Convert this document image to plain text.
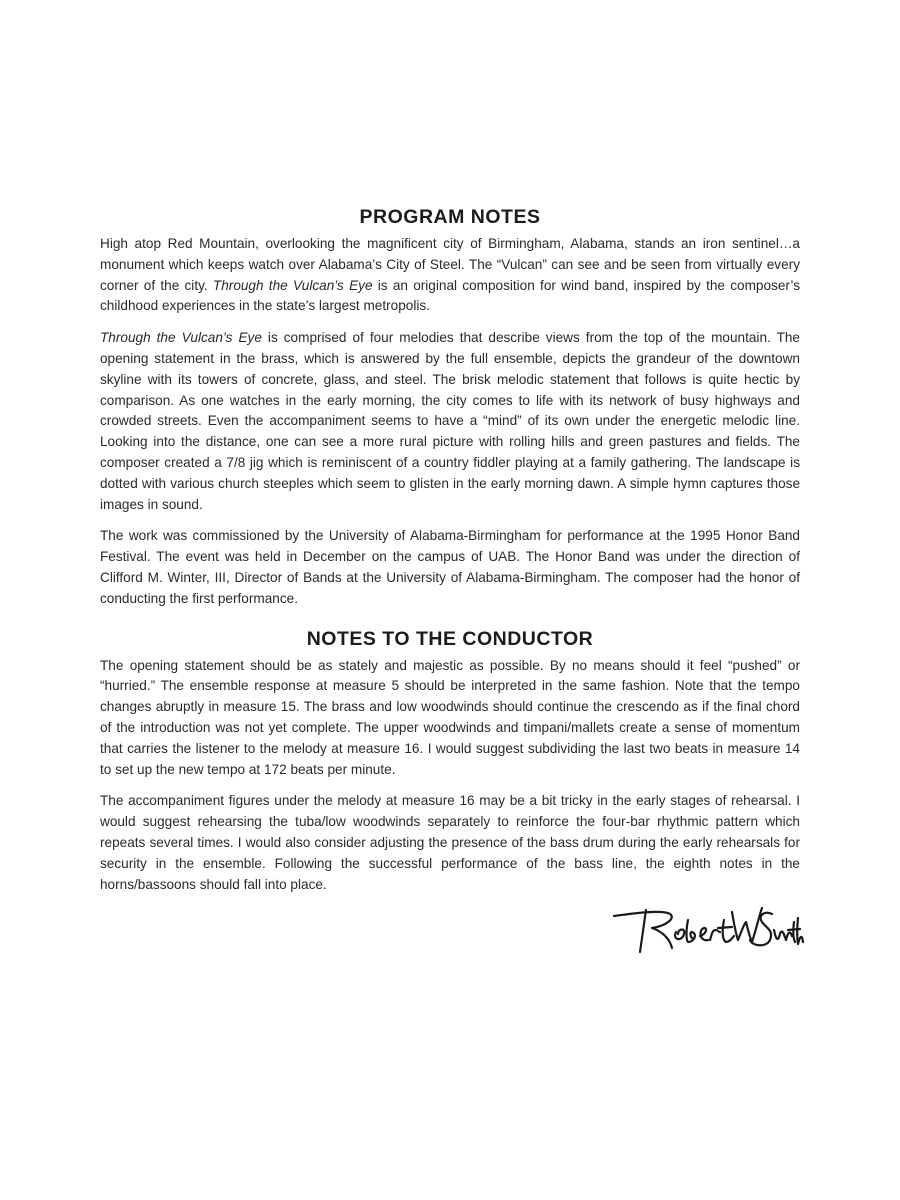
PROGRAM NOTES

High atop Red Mountain, overlooking the magnificent city of Birmingham, Alabama, stands an iron sentinel…a monument which keeps watch over Alabama’s City of Steel. The “Vulcan” can see and be seen from virtually every corner of the city. Through the Vulcan’s Eye is an original composition for wind band, inspired by the composer’s childhood experiences in the state’s largest metropolis.

Through the Vulcan’s Eye is comprised of four melodies that describe views from the top of the mountain. The opening statement in the brass, which is answered by the full ensemble, depicts the grandeur of the downtown skyline with its towers of concrete, glass, and steel. The brisk melodic statement that follows is quite hectic by comparison. As one watches in the early morning, the city comes to life with its network of busy highways and crowded streets. Even the accompaniment seems to have a “mind” of its own under the energetic melodic line. Looking into the distance, one can see a more rural picture with rolling hills and green pastures and fields. The composer created a 7/8 jig which is reminiscent of a country fiddler playing at a family gathering. The landscape is dotted with various church steeples which seem to glisten in the early morning dawn. A simple hymn captures those images in sound.

The work was commissioned by the University of Alabama-Birmingham for performance at the 1995 Honor Band Festival. The event was held in December on the campus of UAB. The Honor Band was under the direction of Clifford M. Winter, III, Director of Bands at the University of Alabama-Birmingham. The composer had the honor of conducting the first performance.

NOTES TO THE CONDUCTOR

The opening statement should be as stately and majestic as possible. By no means should it feel “pushed” or “hurried.” The ensemble response at measure 5 should be interpreted in the same fashion. Note that the tempo changes abruptly in measure 15. The brass and low woodwinds should continue the crescendo as if the final chord of the introduction was not yet complete. The upper woodwinds and timpani/mallets create a sense of momentum that carries the listener to the melody at measure 16. I would suggest subdividing the last two beats in measure 14 to set up the new tempo at 172 beats per minute.

The accompaniment figures under the melody at measure 16 may be a bit tricky in the early stages of rehearsal. I would suggest rehearsing the tuba/low woodwinds separately to reinforce the four-bar rhythmic pattern which repeats several times. I would also consider adjusting the presence of the bass drum during the early rehearsals for security in the ensemble. Following the successful performance of the bass line, the eighth notes in the horns/bassoons should fall into place.
